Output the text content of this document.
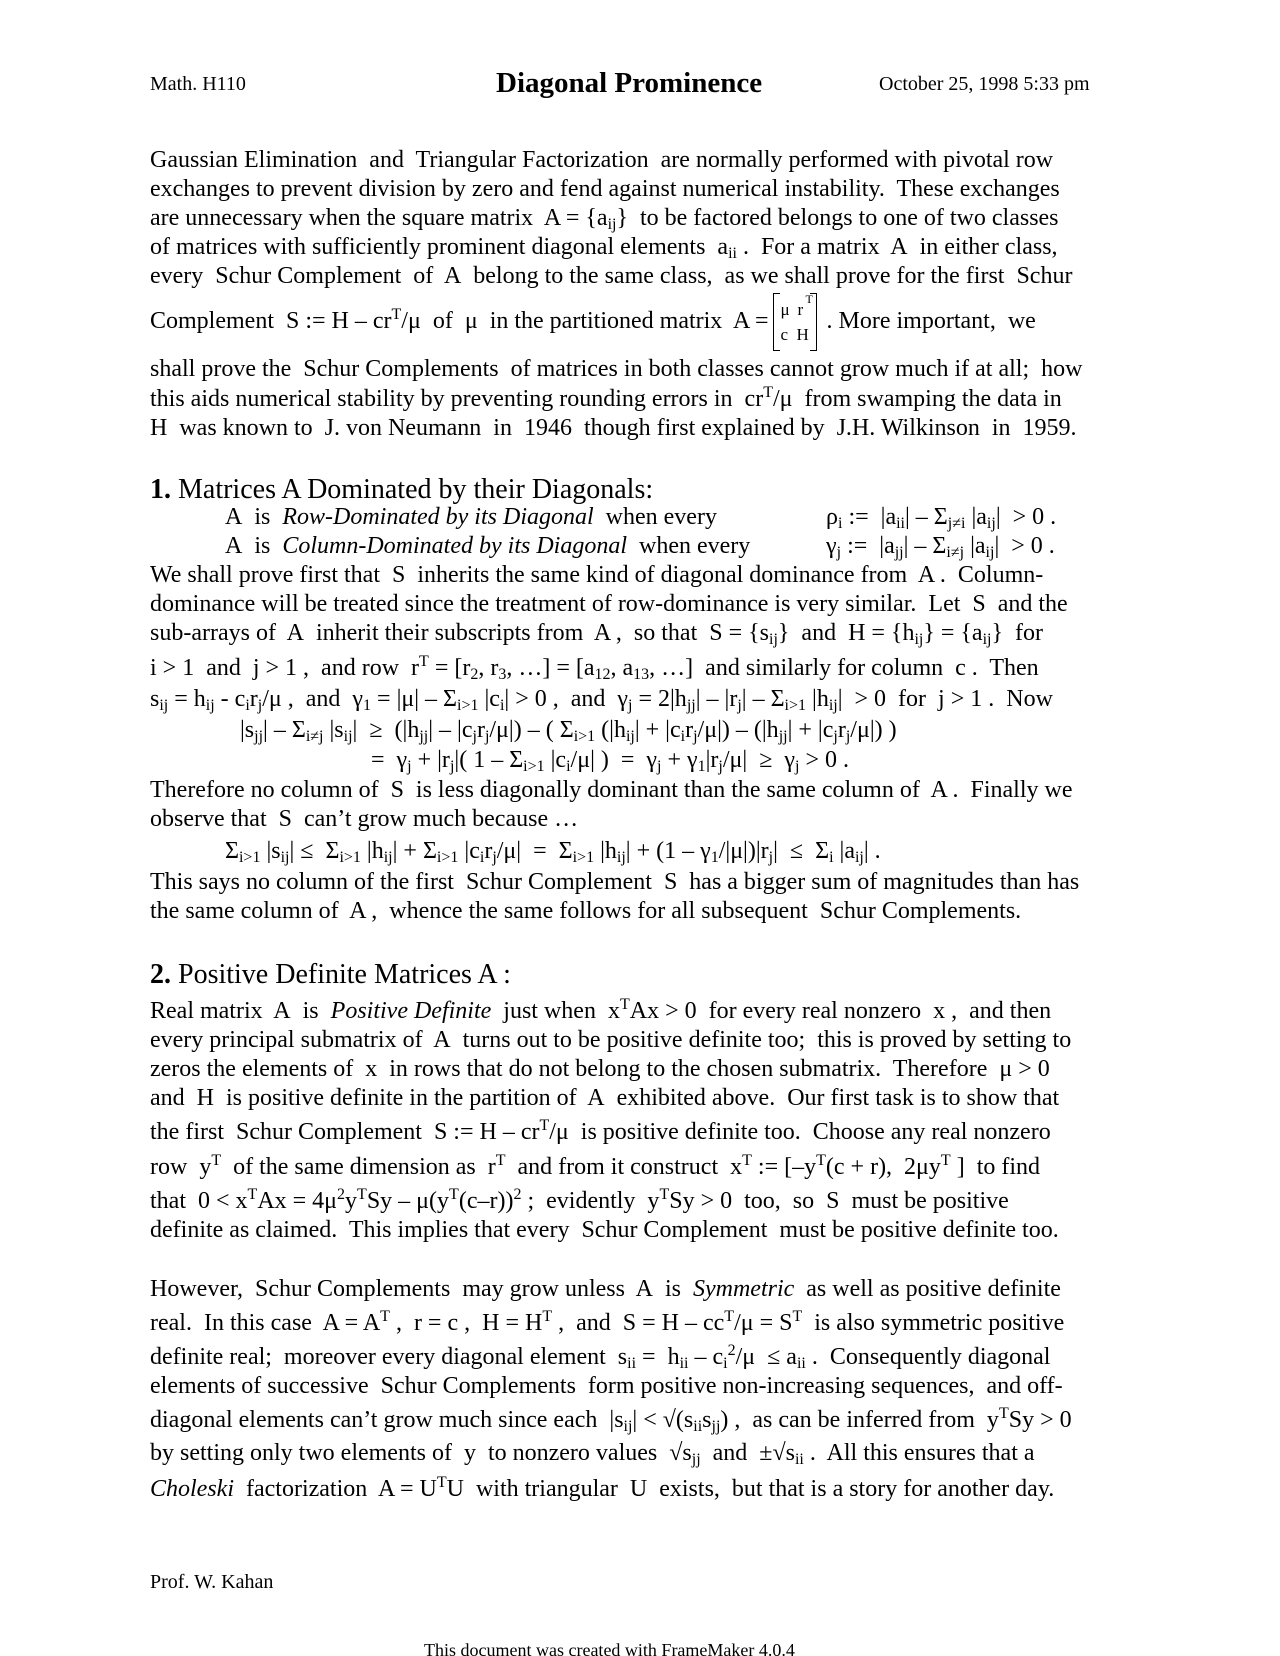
Math. H110	Diagonal Prominence	October 25, 1998 5:33 pm
Gaussian Elimination  and  Triangular Factorization  are normally performed with pivotal row
exchanges to prevent division by zero and fend against numerical instability.  These exchanges
are unnecessary when the square matrix  $A = \{a_{ij}\}$  to be factored belongs to one of two classes
of matrices with sufficiently prominent diagonal elements  $a_{ii}$ .  For a matrix  A  in either class,
every  Schur Complement  of  A  belong to the same class,  as we shall prove for the first  Schur
Complement  S := H – $cr^T/\mu$  of  μ  in the partitioned matrix  A = μ r
T
c H
. More important,  we
shall prove the  Schur Complements  of matrices in both classes cannot grow much if at all;  how
this aids numerical stability by preventing rounding errors in  $cr^T/\mu$  from swamping the data in
H  was known to  J. von Neumann  in  1946  though first explained by  J.H. Wilkinson  in  1959.
1. Matrices A Dominated by their Diagonals:
A  is  Row-Dominated by its Diagonal  when every	$\rho_i$ :=  $|a_{ii}| - \Sigma_{j\ne i}$ $|a_{ij}| > 0$ .
A  is  Column-Dominated by its Diagonal  when every	$\gamma_j$ :=  $|a_{jj}| - \Sigma_{i\ne j}$ $|a_{ij}| > 0$ .
We shall prove first that  S  inherits the same kind of diagonal dominance from  A .  Column-
dominance will be treated since the treatment of row-dominance is very similar.  Let  S  and the
sub-arrays of  A  inherit their subscripts from  A ,  so that  $S = \{s_{ij}\}$  and  $H = \{h_{ij}\} = \{a_{ij}\}$  for
i > 1  and  j > 1 ,  and row  $r^T = [r_2$, $r_3$, …] = [$a_{12}$, $a_{13}$, …]  and similarly for column  c .  Then
$s_{ij} = h_{ij} - c_ir_j/\mu$ ,  and  $\gamma_1 = |\mu| - \Sigma_{i>1}$ $|c_i| > 0$ ,  and  $\gamma_j = 2|h_{jj}| - |r_j| - \Sigma_{i>1}$ $|h_{ij}| > 0$  for  j > 1 .  Now
$|s_{jj}| - \Sigma_{i\ne j}$ $|s_{ij}| \ge (|h_{jj}| - |c_jr_j/\mu|)$ – ( $\Sigma_{i>1}$ $(|h_{ij}| + |c_ir_j/\mu|) - (|h_{jj}| + |c_jr_j/\mu|)$ )
=  $\gamma_j + |r_j|$( $1 - \Sigma_{i>1}$ $|c_i/\mu|$ )  =  $\gamma_j + \gamma_1|r_j/\mu| \ge \gamma_j > 0$ .
Therefore no column of  S  is less diagonally dominant than the same column of  A .  Finally we
observe that  S  can’t grow much because …
$\Sigma_{i>1}$ $|s_{ij}| \le \Sigma_{i>1}$ $|h_{ij}| + \Sigma_{i>1}$ $|c_ir_j/\mu| = \Sigma_{i>1}$ $|h_{ij}| + (1 - \gamma_1/|\mu|)|r_j| \le \Sigma_i$ $|a_{ij}|$ .
This says no column of the first  Schur Complement  S  has a bigger sum of magnitudes than has
the same column of  A ,  whence the same follows for all subsequent  Schur Complements.
2. Positive Definite Matrices A :
Real matrix  A  is  Positive Definite  just when  $x^TAx > 0$  for every real nonzero  x ,  and then
every principal submatrix of  A  turns out to be positive definite too;  this is proved by setting to
zeros the elements of  x  in rows that do not belong to the chosen submatrix.  Therefore  μ > 0
and  H  is positive definite in the partition of  A  exhibited above.  Our first task is to show that
the first  Schur Complement  S := H – $cr^T/\mu$  is positive definite too.  Choose any real nonzero
row  $y^T$  of the same dimension as  $r^T$  and from it construct  $x^T$ := [$-y^T(c + r)$,  $2\mu y^T$ ]  to find
that  $0 < x^TAx = 4\mu^2y^TSy - \mu(y^T(c-r))^2$ ;  evidently  $y^TSy > 0$  too,  so  S  must be positive
definite as claimed.  This implies that every  Schur Complement  must be positive definite too.
However,  Schur Complements  may grow unless  A  is  Symmetric  as well as positive definite
real.  In this case  $A = A^T$ ,  r = c ,  $H = H^T$ ,  and  $S = H - cc^T/\mu = S^T$  is also symmetric positive
definite real;  moreover every diagonal element  $s_{ii} = h_{ii} - c_i^2/\mu \le a_{ii}$ .  Consequently diagonal
elements of successive  Schur Complements  form positive non-increasing sequences,  and off-
diagonal elements can’t grow much since each  $|s_{ij}| < √(s_{ii}s_{jj})$ ,  as can be inferred from  $y^TSy > 0$
by setting only two elements of  y  to nonzero values  $√s_{jj}$  and  $\pm√s_{ii}$ .  All this ensures that a
Choleski  factorization  $A = U^TU$  with triangular  U  exists,  but that is a story for another day.
Prof. W. Kahan
This document was created with FrameMaker 4.0.4
